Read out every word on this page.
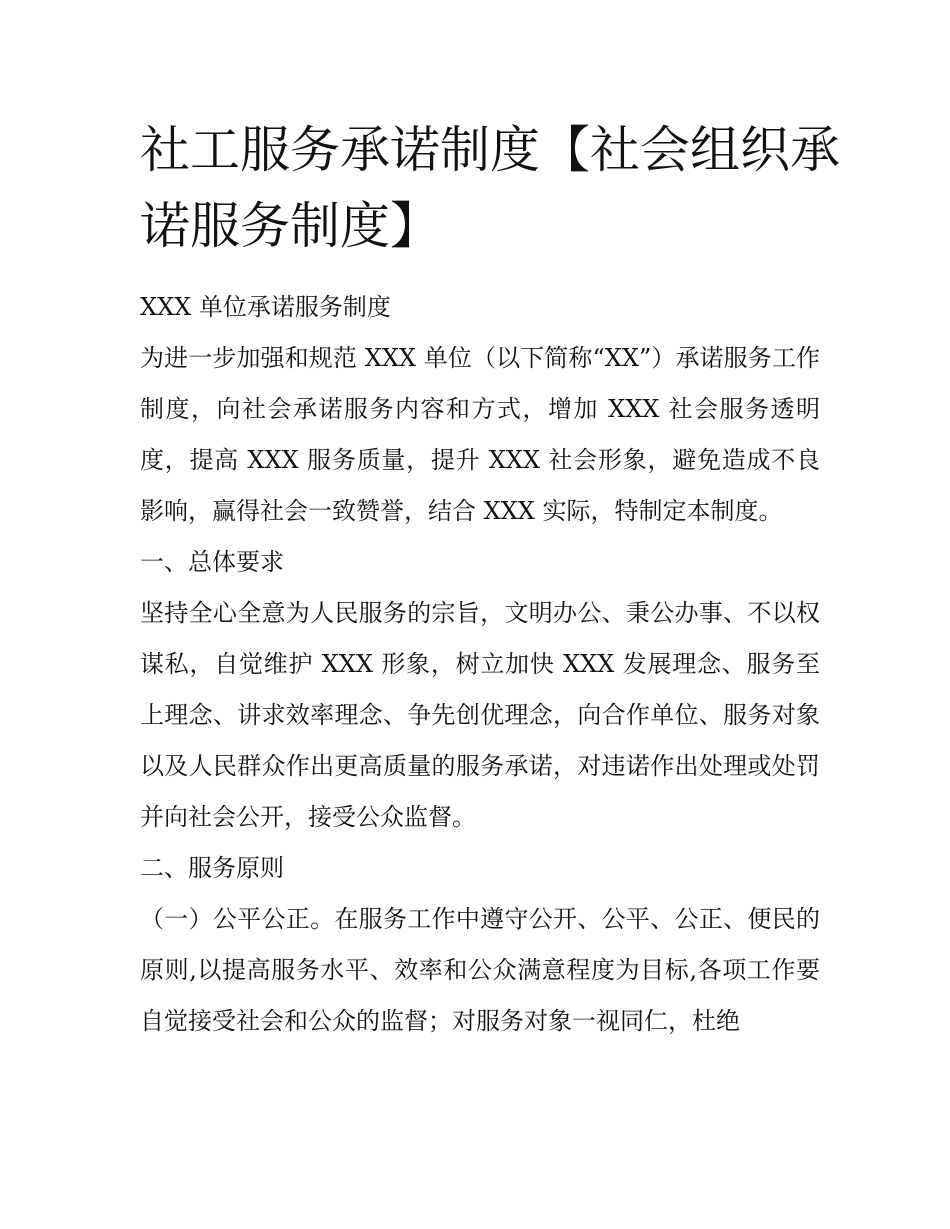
社工服务承诺制度【社会组织承诺服务制度】

XXX 单位承诺服务制度

为进一步加强和规范 XXX 单位（以下简称“XX”）承诺服务工作制度，向社会承诺服务内容和方式，增加 XXX 社会服务透明度，提高 XXX 服务质量，提升 XXX 社会形象，避免造成不良影响，赢得社会一致赞誉，结合 XXX 实际，特制定本制度。

一、总体要求

坚持全心全意为人民服务的宗旨，文明办公、秉公办事、不以权谋私，自觉维护 XXX 形象，树立加快 XXX 发展理念、服务至上理念、讲求效率理念、争先创优理念，向合作单位、服务对象以及人民群众作出更高质量的服务承诺，对违诺作出处理或处罚并向社会公开，接受公众监督。

二、服务原则

（一）公平公正。在服务工作中遵守公开、公平、公正、便民的原则,以提高服务水平、效率和公众满意程度为目标,各项工作要自觉接受社会和公众的监督；对服务对象一视同仁，杜绝
